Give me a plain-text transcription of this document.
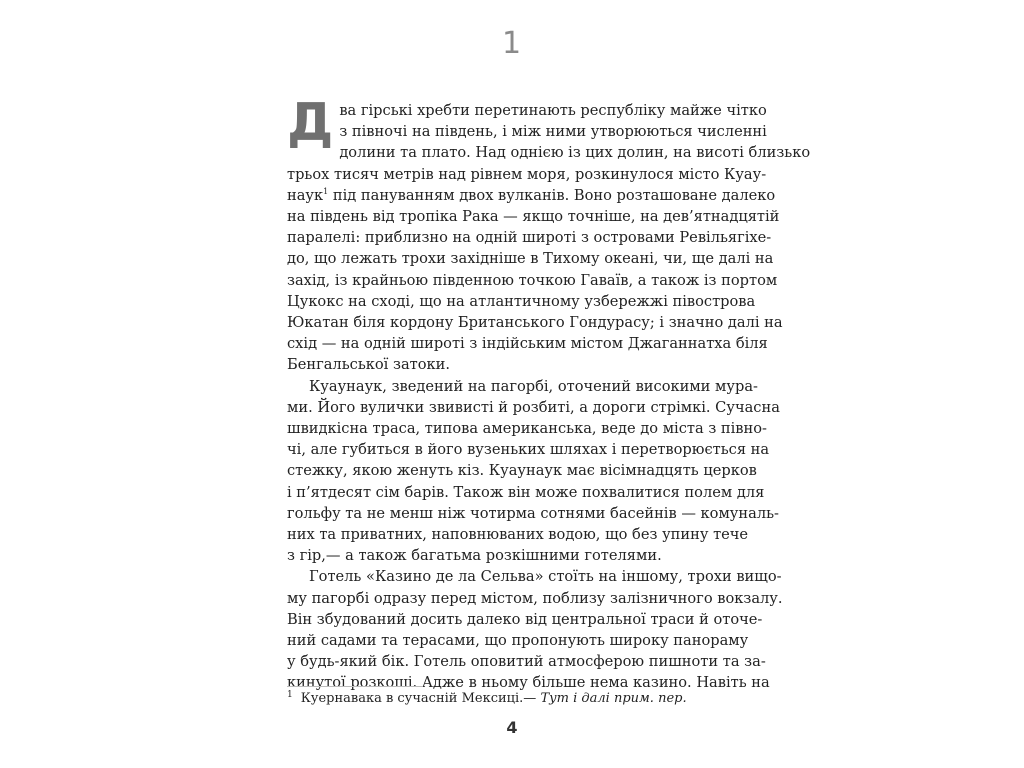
1

Д ва гірські хребти перетинають республіку майже чітко
з півночі на південь, і між ними утворюються численні
долини та плато. Над однією із цих долин, на висоті близько
трьох тисяч метрів над рівнем моря, розкинулося місто Куау-
наук$^1$ під пануванням двох вулканів. Воно розташоване далеко
на південь від тропіка Рака — якщо точніше, на дев’ятнадцятій
паралелі: приблизно на одній широті з островами Ревільягіхе-
до, що лежать трохи західніше в Тихому океані, чи, ще далі на
захід, із крайньою південною точкою Гаваїв, а також із портом
Цукокс на сході, що на атлантичному узбережжі півострова
Юкатан біля кордону Британського Гондурасу; і значно далі на
схід — на одній широті з індійським містом Джаганнатха біля
Бенгальської затоки.

Куаунаук, зведений на пагорбі, оточений високими мура-
ми. Його вулички звивисті й розбиті, а дороги стрімкі. Сучасна
швидкісна траса, типова американська, веде до міста з півно-
чі, але губиться в його вузеньких шляхах і перетворюється на
стежку, якою женуть кіз. Куаунаук має вісімнадцять церков
і п’ятдесят сім барів. Також він може похвалитися полем для
гольфу та не менш ніж чотирма сотнями басейнів — комуналь-
них та приватних, наповнюваних водою, що без упину тече
з гір,— а також багатьма розкішними готелями.

Готель «Казино де ла Сельва» стоїть на іншому, трохи вищо-
му пагорбі одразу перед містом, поблизу залізничного вокзалу.
Він збудований досить далеко від центральної траси й оточе-
ний садами та терасами, що пропонують широку панораму
у будь-який бік. Готель оповитий атмосферою пишноти та за-
кинутої розкоші. Адже в ньому більше нема казино. Навіть на

$^1$ Куернавака в сучасній Мексиці.— Тут і далі прим. пер.
4
